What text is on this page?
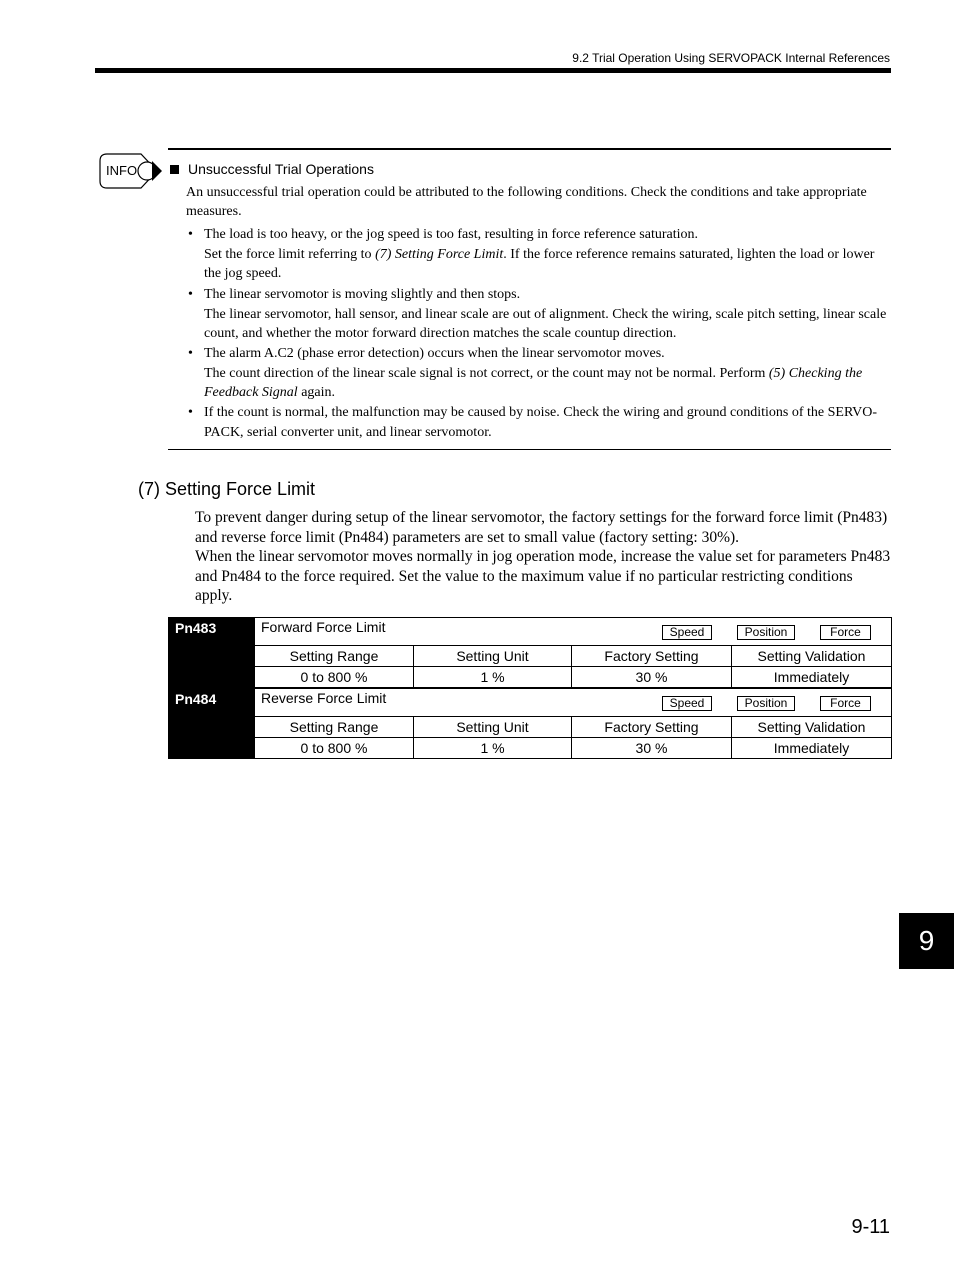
9.2 Trial Operation Using SERVOPACK Internal References
INFO	Unsuccessful Trial Operations
An unsuccessful trial operation could be attributed to the following conditions. Check the conditions and take appropriate measures.
• The load is too heavy, or the jog speed is too fast, resulting in force reference saturation.
Set the force limit referring to (7) Setting Force Limit. If the force reference remains saturated, lighten the load or lower the jog speed.
• The linear servomotor is moving slightly and then stops.
The linear servomotor, hall sensor, and linear scale are out of alignment. Check the wiring, scale pitch setting, linear scale count, and whether the motor forward direction matches the scale countup direction.
• The alarm A.C2 (phase error detection) occurs when the linear servomotor moves.
The count direction of the linear scale signal is not correct, or the count may not be normal. Perform (5) Checking the Feedback Signal again.
• If the count is normal, the malfunction may be caused by noise. Check the wiring and ground conditions of the SERVO-PACK, serial converter unit, and linear servomotor.
(7) Setting Force Limit
To prevent danger during setup of the linear servomotor, the factory settings for the forward force limit (Pn483) and reverse force limit (Pn484) parameters are set to small value (factory setting: 30%).
When the linear servomotor moves normally in jog operation mode, increase the value set for parameters Pn483 and Pn484 to the force required. Set the value to the maximum value if no particular restricting conditions apply.
Pn483	Forward Force Limit Speed Position Force			

	Setting Range	Setting Unit	Factory Setting	Setting Validation
	0 to 800 %	1 %	30 %	Immediately
Pn484	Reverse Force Limit Speed Position Force			

	Setting Range	Setting Unit	Factory Setting	Setting Validation
	0 to 800 %	1 %	30 %	Immediately
9
9-11
